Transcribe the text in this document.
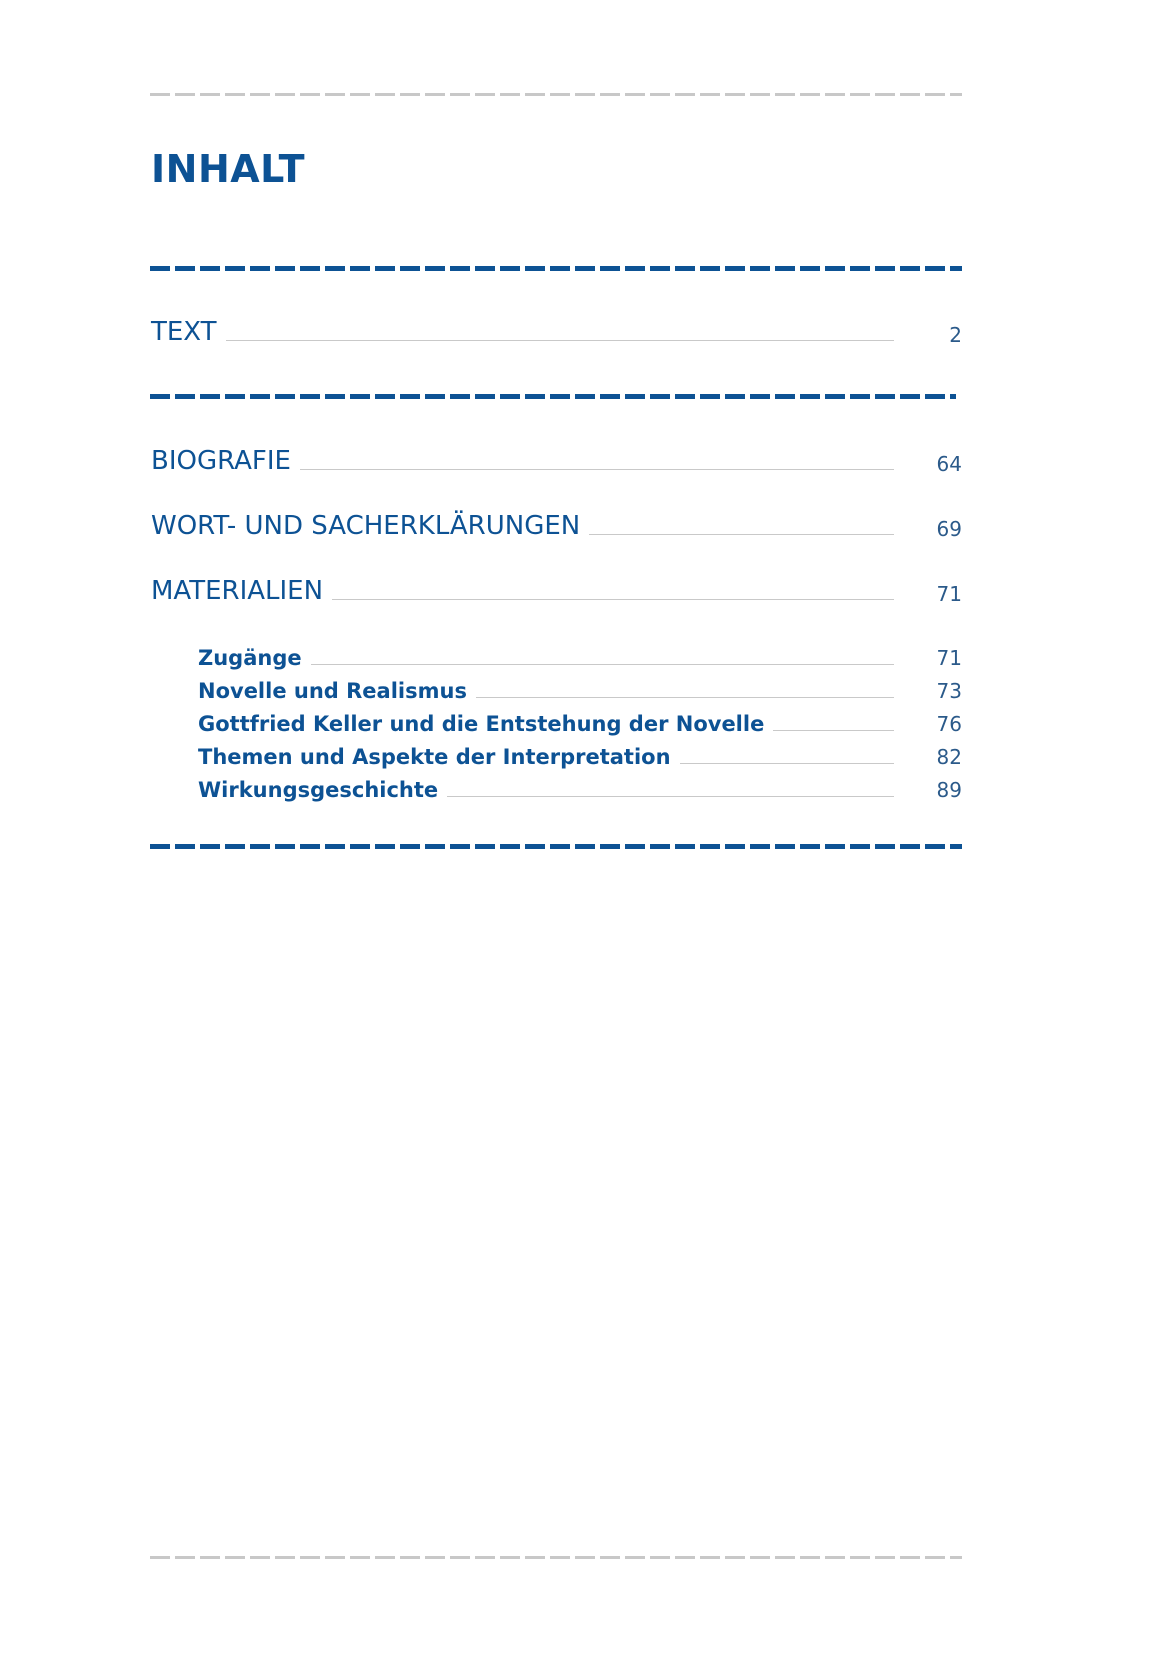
INHALT
TEXT	2
BIOGRAFIE	64
WORT- UND SACHERKLÄRUNGEN	69
MATERIALIEN	71
Zugänge	71
Novelle und Realismus	73
Gottfried Keller und die Entstehung der Novelle	76
Themen und Aspekte der Interpretation	82
Wirkungsgeschichte	89
